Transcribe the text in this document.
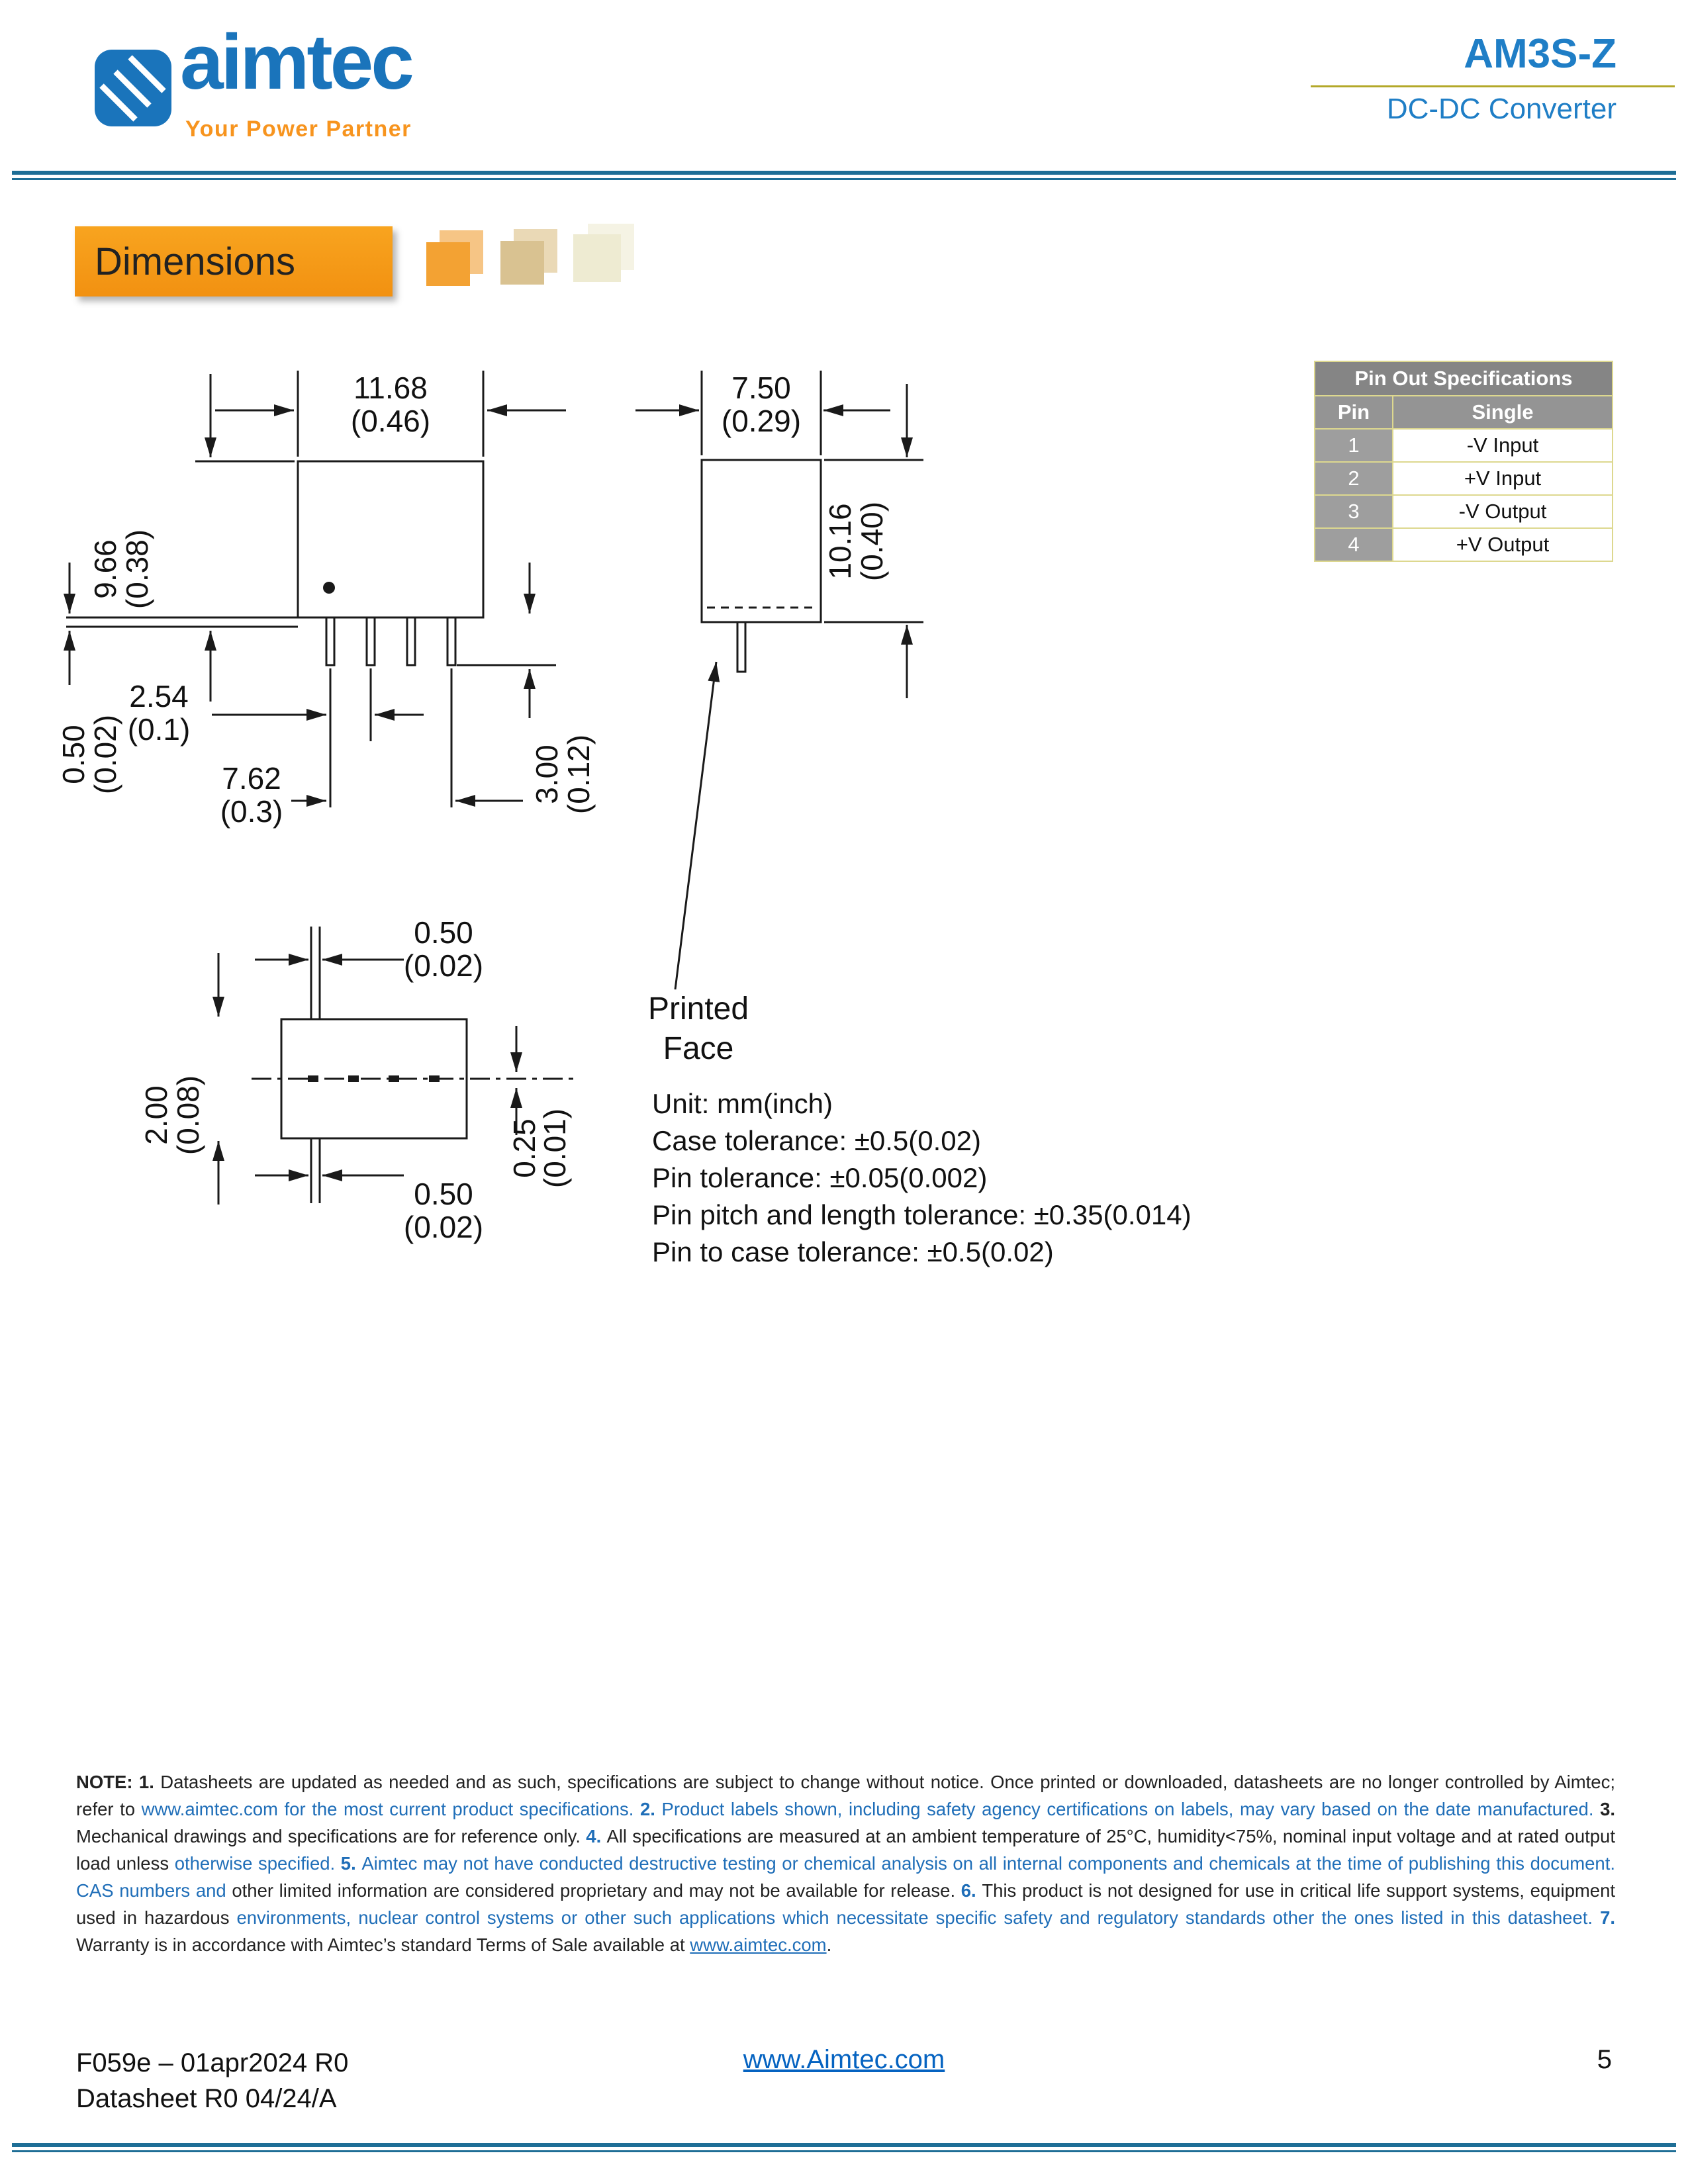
aimtec
Your Power Partner
AM3S-Z
DC-DC Converter
Dimensions
Pin Out Specifications
Pin	Single
1	-V Input
2	+V Input
3	-V Output
4	+V Output
11.68
(0.46)
9.66
(0.38)
0.50
(0.02)
2.54
(0.1)
7.62
(0.3)
3.00
(0.12)
7.50
(0.29)
10.16
(0.40)
Printed
Face
0.50
(0.02)
2.00
(0.08)
0.50
(0.02)
0.25
(0.01)
Unit: mm(inch)
Case tolerance: ±0.5(0.02)
Pin tolerance: ±0.05(0.002)
Pin pitch and length tolerance: ±0.35(0.014)
Pin to case tolerance: ±0.5(0.02)

NOTE: 1. Datasheets are updated as needed and as such, specifications are subject to change without notice. Once printed or downloaded, datasheets are no longer controlled by Aimtec; refer to www.aimtec.com for the most current product specifications. 2. Product labels shown, including safety agency certifications on labels, may vary based on the date manufactured. 3. Mechanical drawings and specifications are for reference only. 4. All specifications are measured at an ambient temperature of 25°C, humidity<75%, nominal input voltage and at rated output load unless otherwise specified. 5. Aimtec may not have conducted destructive testing or chemical analysis on all internal components and chemicals at the time of publishing this document. CAS numbers and other limited information are considered proprietary and may not be available for release. 6. This product is not designed for use in critical life support systems, equipment used in hazardous environments, nuclear control systems or other such applications which necessitate specific safety and regulatory standards other the ones listed in this datasheet. 7. Warranty is in accordance with Aimtec’s standard Terms of Sale available at www.aimtec.com.

F059e – 01apr2024 R0
Datasheet R0 04/24/A
www.Aimtec.com	5
